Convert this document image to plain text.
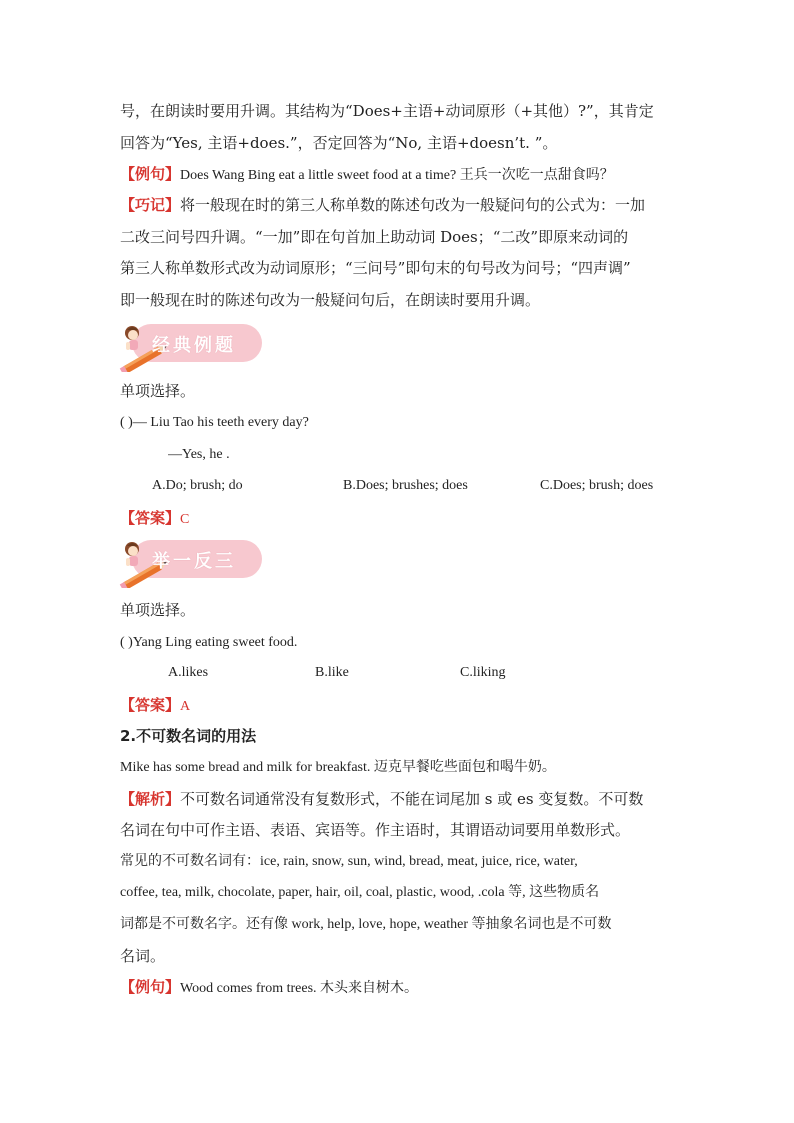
号，在朗读时要用升调。其结构为“Does+主语+动词原形（+其他）?”，其肯定
回答为“Yes, 主语+does.”，否定回答为“No, 主语+doesn’t. ”。
【例句】Does Wang Bing eat a little sweet food at a time? 王兵一次吃一点甜食吗？
【巧记】将一般现在时的第三人称单数的陈述句改为一般疑问句的公式为：一加
二改三问号四升调。“一加”即在句首加上助动词 Does；“二改”即原来动词的
第三人称单数形式改为动词原形；“三问号”即句末的句号改为问号；“四声调”
即一般现在时的陈述句改为一般疑问句后，在朗读时要用升调。
经典例题
单项选择。
( )— Liu Tao his teeth every day?
—Yes, he .
A.Do; brush; do	B.Does; brushes; does	C.Does; brush; does
【答案】C
举一反三
单项选择。
( )Yang Ling eating sweet food.
A.likes	B.like	C.liking
【答案】A
2.不可数名词的用法
Mike has some bread and milk for breakfast. 迈克早餐吃些面包和喝牛奶。
【解析】不可数名词通常没有复数形式，不能在词尾加 s 或 es 变复数。不可数
名词在句中可作主语、表语、宾语等。作主语时，其谓语动词要用单数形式。
常见的不可数名词有：ice, rain, snow, sun, wind, bread, meat, juice, rice, water,
coffee, tea, milk, chocolate, paper, hair, oil, coal, plastic, wood, .cola 等, 这些物质名
词都是不可数名字。还有像 work, help, love, hope, weather 等抽象名词也是不可数
名词。
【例句】Wood comes from trees. 木头来自树木。
